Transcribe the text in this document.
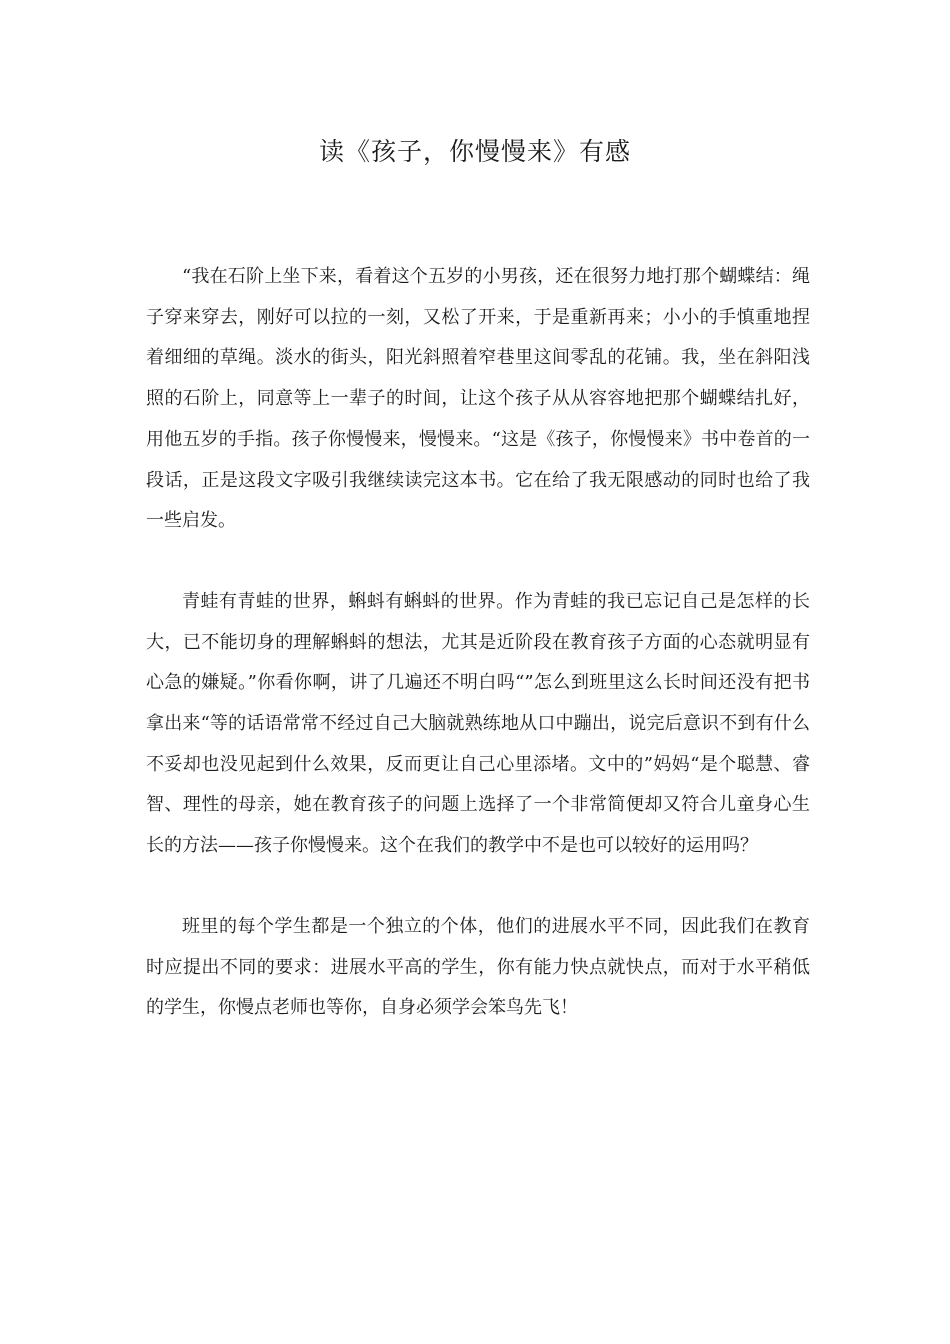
读《孩子，你慢慢来》有感

“我在石阶上坐下来，看着这个五岁的小男孩，还在很努力地打那个蝴蝶结：绳子穿来穿去，刚好可以拉的一刻，又松了开来，于是重新再来；小小的手慎重地捏着细细的草绳。淡水的街头，阳光斜照着窄巷里这间零乱的花铺。我，坐在斜阳浅照的石阶上，同意等上一辈子的时间，让这个孩子从从容容地把那个蝴蝶结扎好，用他五岁的手指。孩子你慢慢来，慢慢来。“这是《孩子，你慢慢来》书中卷首的一段话，正是这段文字吸引我继续读完这本书。它在给了我无限感动的同时也给了我一些启发。

青蛙有青蛙的世界，蝌蚪有蝌蚪的世界。作为青蛙的我已忘记自己是怎样的长大，已不能切身的理解蝌蚪的想法，尤其是近阶段在教育孩子方面的心态就明显有心急的嫌疑。”你看你啊，讲了几遍还不明白吗“”怎么到班里这么长时间还没有把书拿出来“等的话语常常不经过自己大脑就熟练地从口中蹦出，说完后意识不到有什么不妥却也没见起到什么效果，反而更让自己心里添堵。文中的”妈妈“是个聪慧、睿智、理性的母亲，她在教育孩子的问题上选择了一个非常简便却又符合儿童身心生长的方法——孩子你慢慢来。这个在我们的教学中不是也可以较好的运用吗？

班里的每个学生都是一个独立的个体，他们的进展水平不同，因此我们在教育时应提出不同的要求：进展水平高的学生，你有能力快点就快点，而对于水平稍低的学生，你慢点老师也等你，自身必须学会笨鸟先飞！
